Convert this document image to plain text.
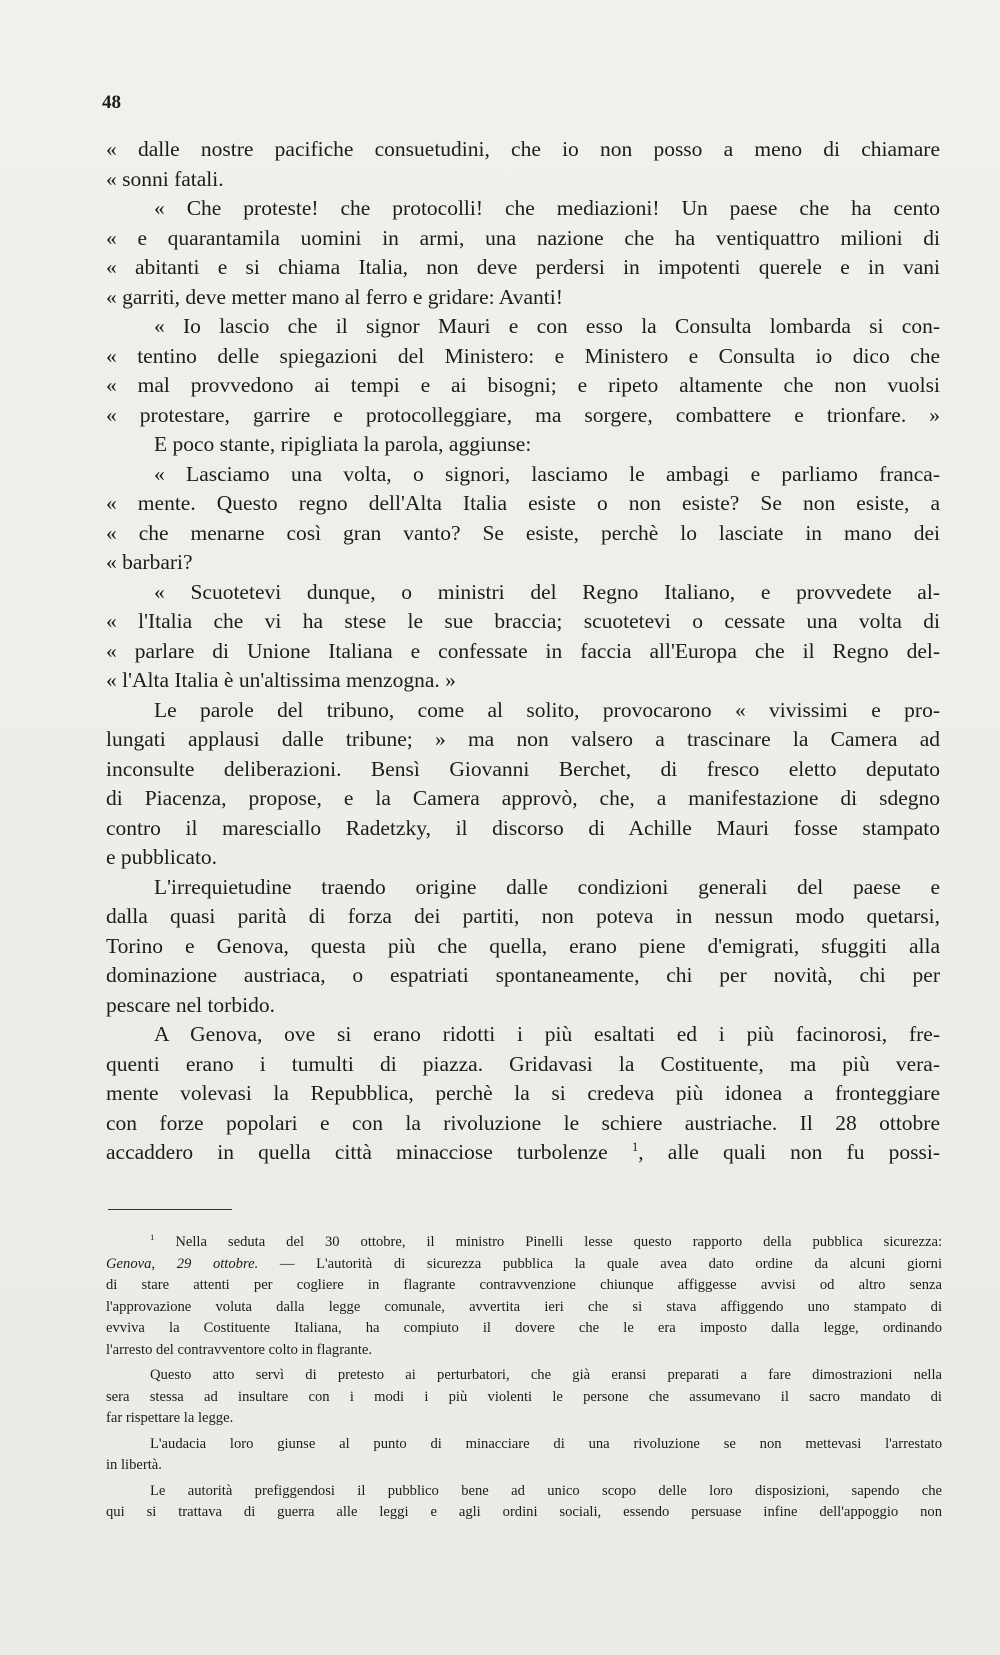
48
« dalle nostre pacifiche consuetudini, che io non posso a meno di chiamare
« sonni fatali.
« Che proteste! che protocolli! che mediazioni! Un paese che ha cento
« e quarantamila uomini in armi, una nazione che ha ventiquattro milioni di
« abitanti e si chiama Italia, non deve perdersi in impotenti querele e in vani
« garriti, deve metter mano al ferro e gridare: Avanti!
« Io lascio che il signor Mauri e con esso la Consulta lombarda si con-
« tentino delle spiegazioni del Ministero: e Ministero e Consulta io dico che
« mal provvedono ai tempi e ai bisogni; e ripeto altamente che non vuolsi
« protestare, garrire e protocolleggiare, ma sorgere, combattere e trionfare. »
E poco stante, ripigliata la parola, aggiunse:
« Lasciamo una volta, o signori, lasciamo le ambagi e parliamo franca-
« mente. Questo regno dell'Alta Italia esiste o non esiste? Se non esiste, a
« che menarne così gran vanto? Se esiste, perchè lo lasciate in mano dei
« barbari?
« Scuotetevi dunque, o ministri del Regno Italiano, e provvedete al-
« l'Italia che vi ha stese le sue braccia; scuotetevi o cessate una volta di
« parlare di Unione Italiana e confessate in faccia all'Europa che il Regno del-
« l'Alta Italia è un'altissima menzogna. »
Le parole del tribuno, come al solito, provocarono « vivissimi e pro-
lungati applausi dalle tribune; » ma non valsero a trascinare la Camera ad
inconsulte deliberazioni. Bensì Giovanni Berchet, di fresco eletto deputato
di Piacenza, propose, e la Camera approvò, che, a manifestazione di sdegno
contro il maresciallo Radetzky, il discorso di Achille Mauri fosse stampato
e pubblicato.
L'irrequietudine traendo origine dalle condizioni generali del paese e
dalla quasi parità di forza dei partiti, non poteva in nessun modo quetarsi,
Torino e Genova, questa più che quella, erano piene d'emigrati, sfuggiti alla
dominazione austriaca, o espatriati spontaneamente, chi per novità, chi per
pescare nel torbido.
A Genova, ove si erano ridotti i più esaltati ed i più facinorosi, fre-
quenti erano i tumulti di piazza. Gridavasi la Costituente, ma più vera-
mente volevasi la Repubblica, perchè la si credeva più idonea a fronteggiare
con forze popolari e con la rivoluzione le schiere austriache. Il 28 ottobre
accaddero in quella città minacciose turbolenze $^1$, alle quali non fu possi-
$^1$ Nella seduta del 30 ottobre, il ministro Pinelli lesse questo rapporto della pubblica sicurezza:
Genova, 29 ottobre. — L'autorità di sicurezza pubblica la quale avea dato ordine da alcuni giorni
di stare attenti per cogliere in flagrante contravvenzione chiunque affiggesse avvisi od altro senza
l'approvazione voluta dalla legge comunale, avvertita ieri che si stava affiggendo uno stampato di
evviva la Costituente Italiana, ha compiuto il dovere che le era imposto dalla legge, ordinando
l'arresto del contravventore colto in flagrante.
Questo atto servì di pretesto ai perturbatori, che già eransi preparati a fare dimostrazioni nella
sera stessa ad insultare con i modi i più violenti le persone che assumevano il sacro mandato di
far rispettare la legge.
L'audacia loro giunse al punto di minacciare di una rivoluzione se non mettevasi l'arrestato
in libertà.
Le autorità prefiggendosi il pubblico bene ad unico scopo delle loro disposizioni, sapendo che
qui si trattava di guerra alle leggi e agli ordini sociali, essendo persuase infine dell'appoggio non
